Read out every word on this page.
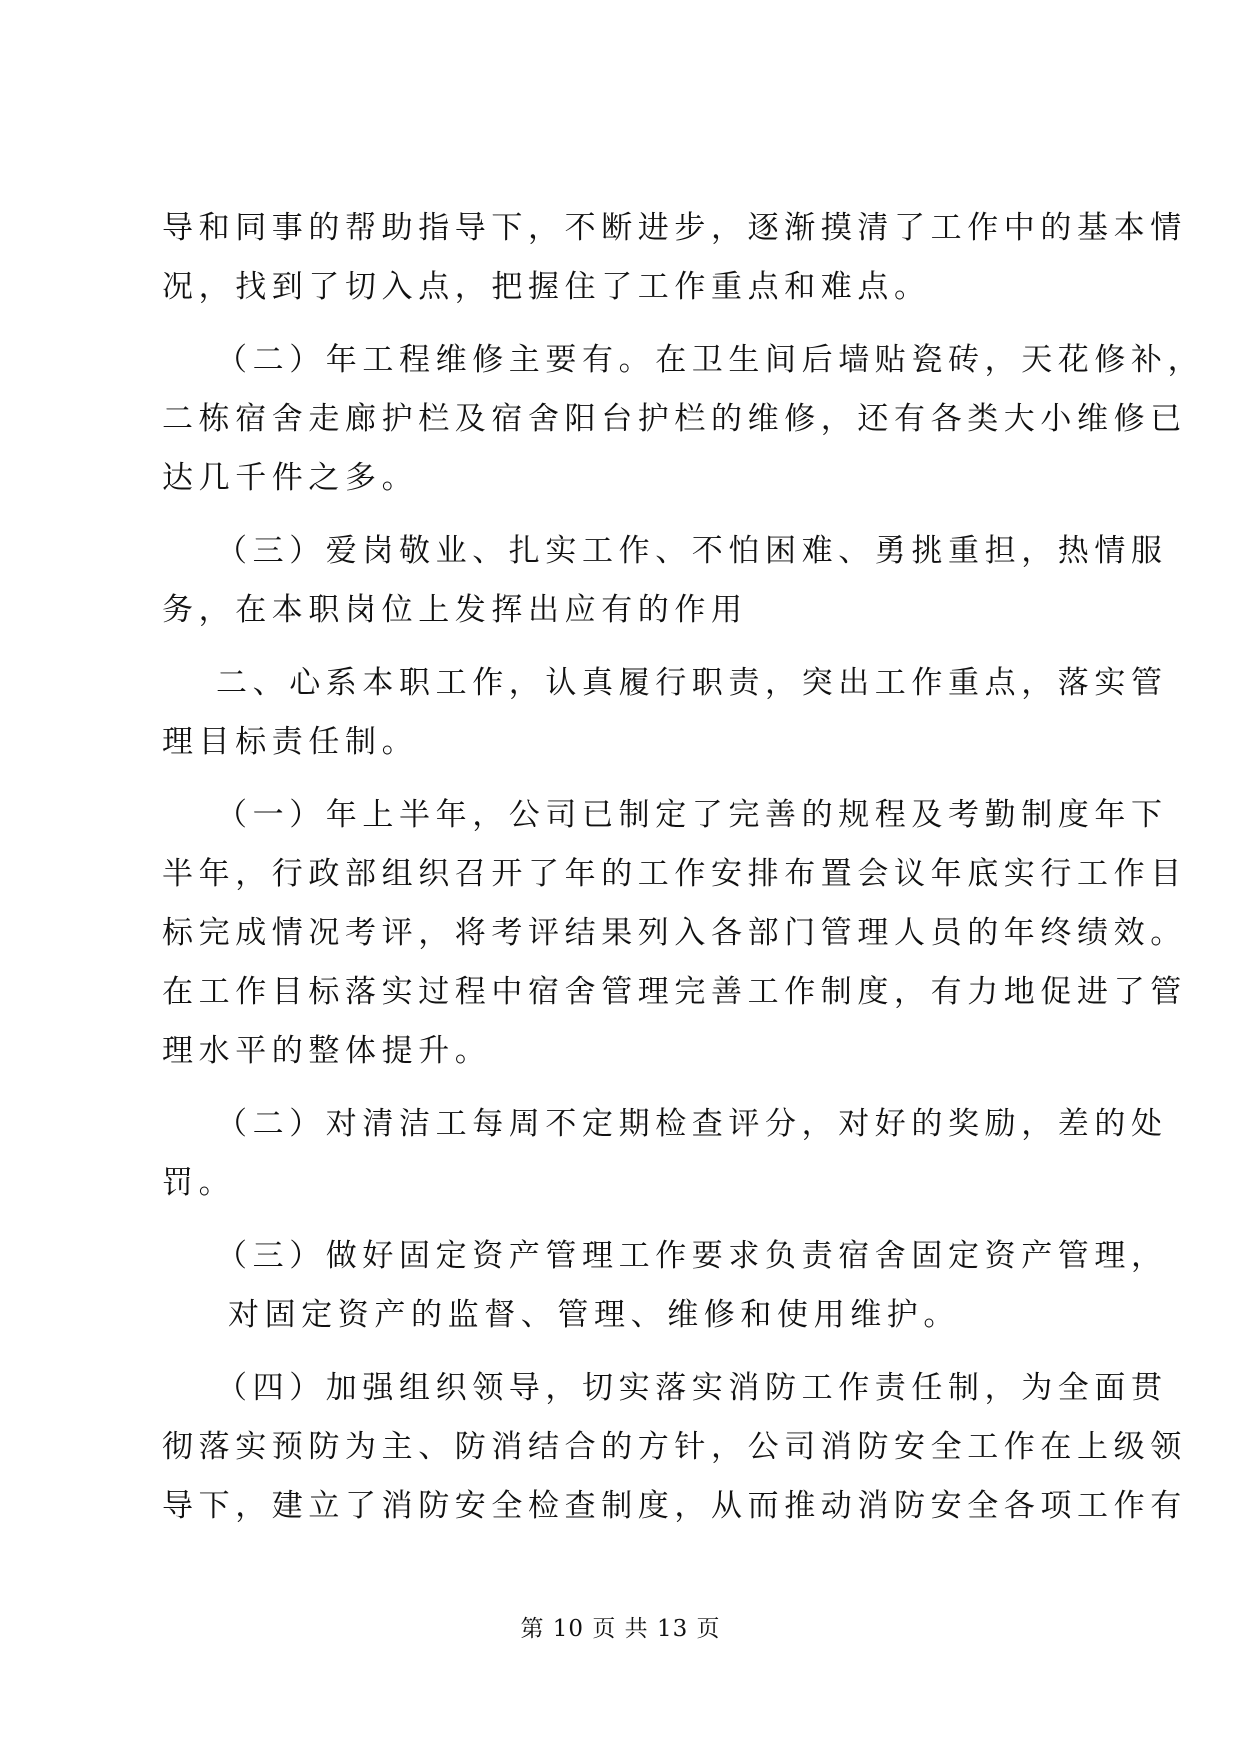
导和同事的帮助指导下，不断进步，逐渐摸清了工作中的基本情
况，找到了切入点，把握住了工作重点和难点。
（二）年工程维修主要有。在卫生间后墙贴瓷砖，天花修补，
二栋宿舍走廊护栏及宿舍阳台护栏的维修，还有各类大小维修已
达几千件之多。
（三）爱岗敬业、扎实工作、不怕困难、勇挑重担，热情服
务，在本职岗位上发挥出应有的作用
二、心系本职工作，认真履行职责，突出工作重点，落实管
理目标责任制。
（一）年上半年，公司已制定了完善的规程及考勤制度年下
半年，行政部组织召开了年的工作安排布置会议年底实行工作目
标完成情况考评，将考评结果列入各部门管理人员的年终绩效。
在工作目标落实过程中宿舍管理完善工作制度，有力地促进了管
理水平的整体提升。
（二）对清洁工每周不定期检查评分，对好的奖励，差的处
罚。
（三）做好固定资产管理工作要求负责宿舍固定资产管理，
对固定资产的监督、管理、维修和使用维护。
（四）加强组织领导，切实落实消防工作责任制，为全面贯
彻落实预防为主、防消结合的方针，公司消防安全工作在上级领
导下，建立了消防安全检查制度，从而推动消防安全各项工作有
第 10 页 共 13 页
